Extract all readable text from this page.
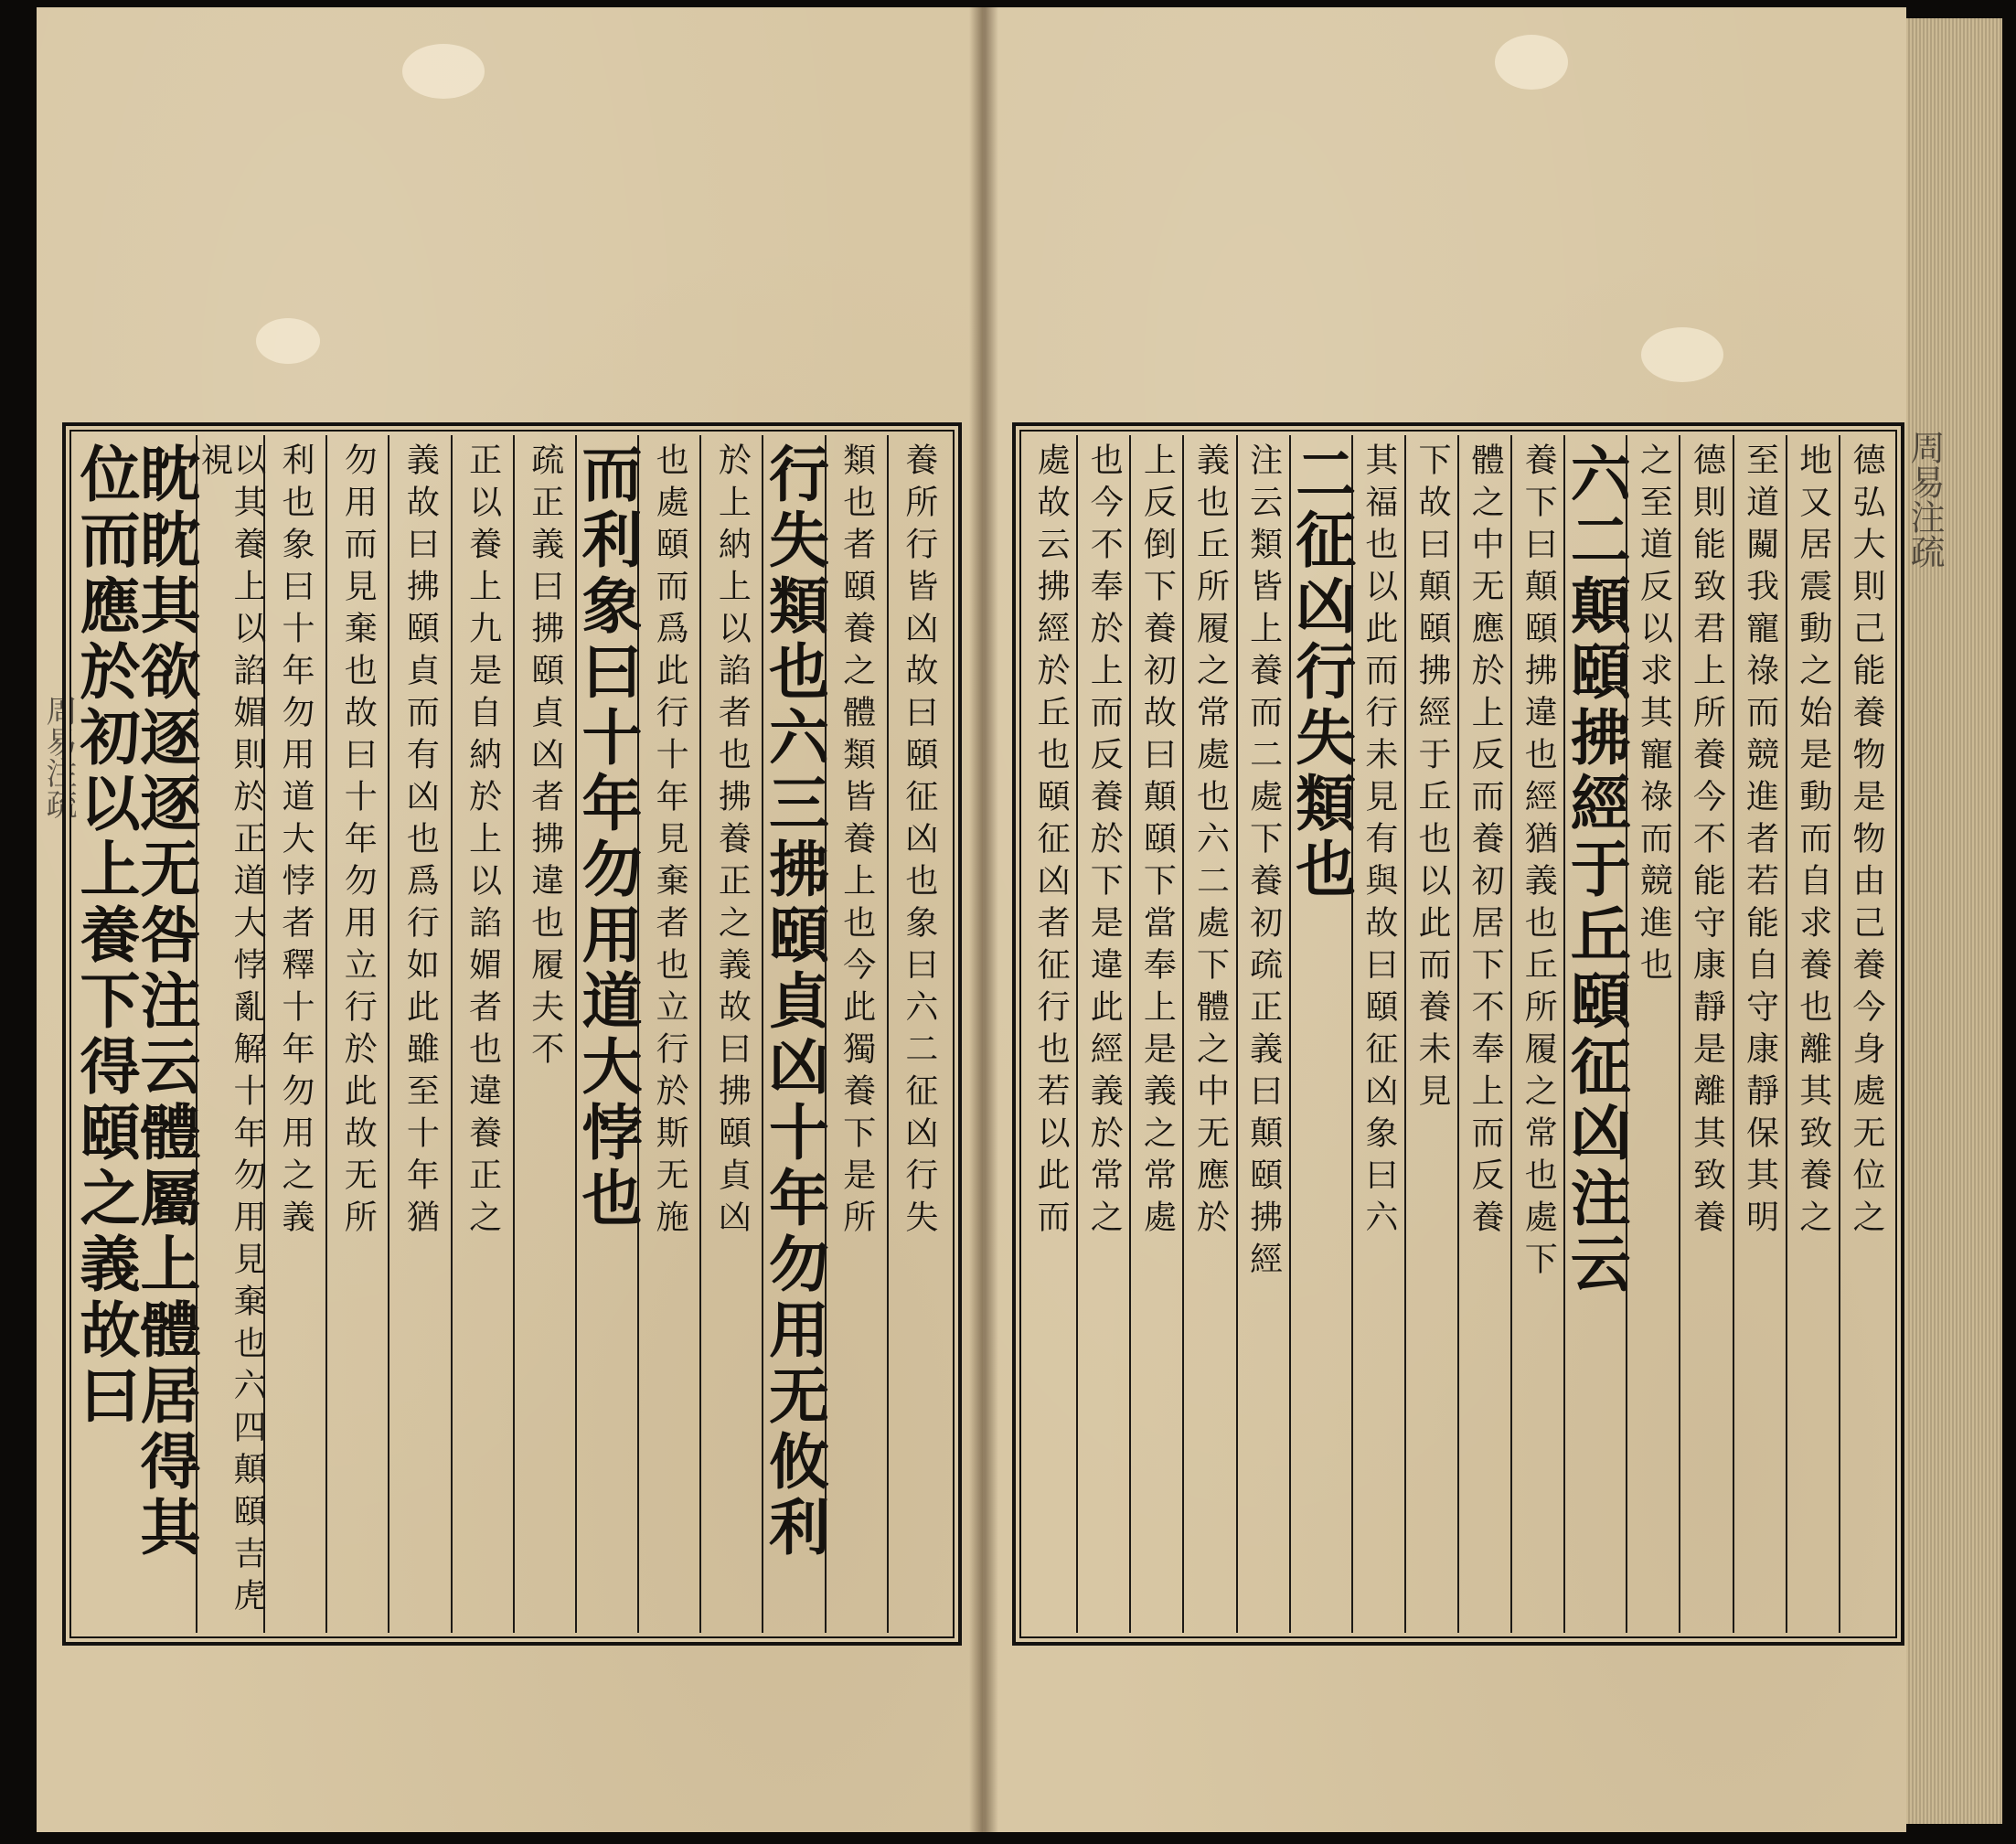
周易注疏
周易注疏
養所行皆凶故曰頤征凶也象曰六二征凶行失
類也者頤養之體類皆養上也今此獨養下是所
行失類也六三拂頤貞凶十年勿用无攸利
於上納上以諂者也拂養正之義故曰拂頤貞凶
也處頤而爲此行十年見棄者也立行於斯无施
而利象曰十年勿用道大悖也
疏正義曰拂頤貞凶者拂違也履夫不
正以養上九是自納於上以諂媚者也違養正之
義故曰拂頤貞而有凶也爲行如此雖至十年猶
勿用而見棄也故曰十年勿用立行於此故无所
利也象曰十年勿用道大悖者釋十年勿用之義
以其養上以諂媚則於正道大悖亂解十年勿用見棄也六四顛頤吉虎視
眈眈其欲逐逐无咎注云體屬上體居得其位而應於初以上養下得頤之義故曰	德弘大則己能養物是物由己養今身處无位之
地又居震動之始是動而自求養也離其致養之
至道闚我寵祿而競進者若能自守康靜保其明
德則能致君上所養今不能守康靜是離其致養
之至道反以求其寵祿而競進也
六二顛頤拂經于丘頤征凶注云
養下曰顛頤拂違也經猶義也丘所履之常也處下
體之中无應於上反而養初居下不奉上而反養
下故曰顛頤拂經于丘也以此而養未見
其福也以此而行未見有與故曰頤征凶象曰六
二征凶行失類也
注云類皆上養而二處下養初疏正義曰顛頤拂經
義也丘所履之常處也六二處下體之中无應於
上反倒下養初故曰顛頤下當奉上是義之常處
也今不奉於上而反養於下是違此經義於常之
處故云拂經於丘也頤征凶者征行也若以此而
